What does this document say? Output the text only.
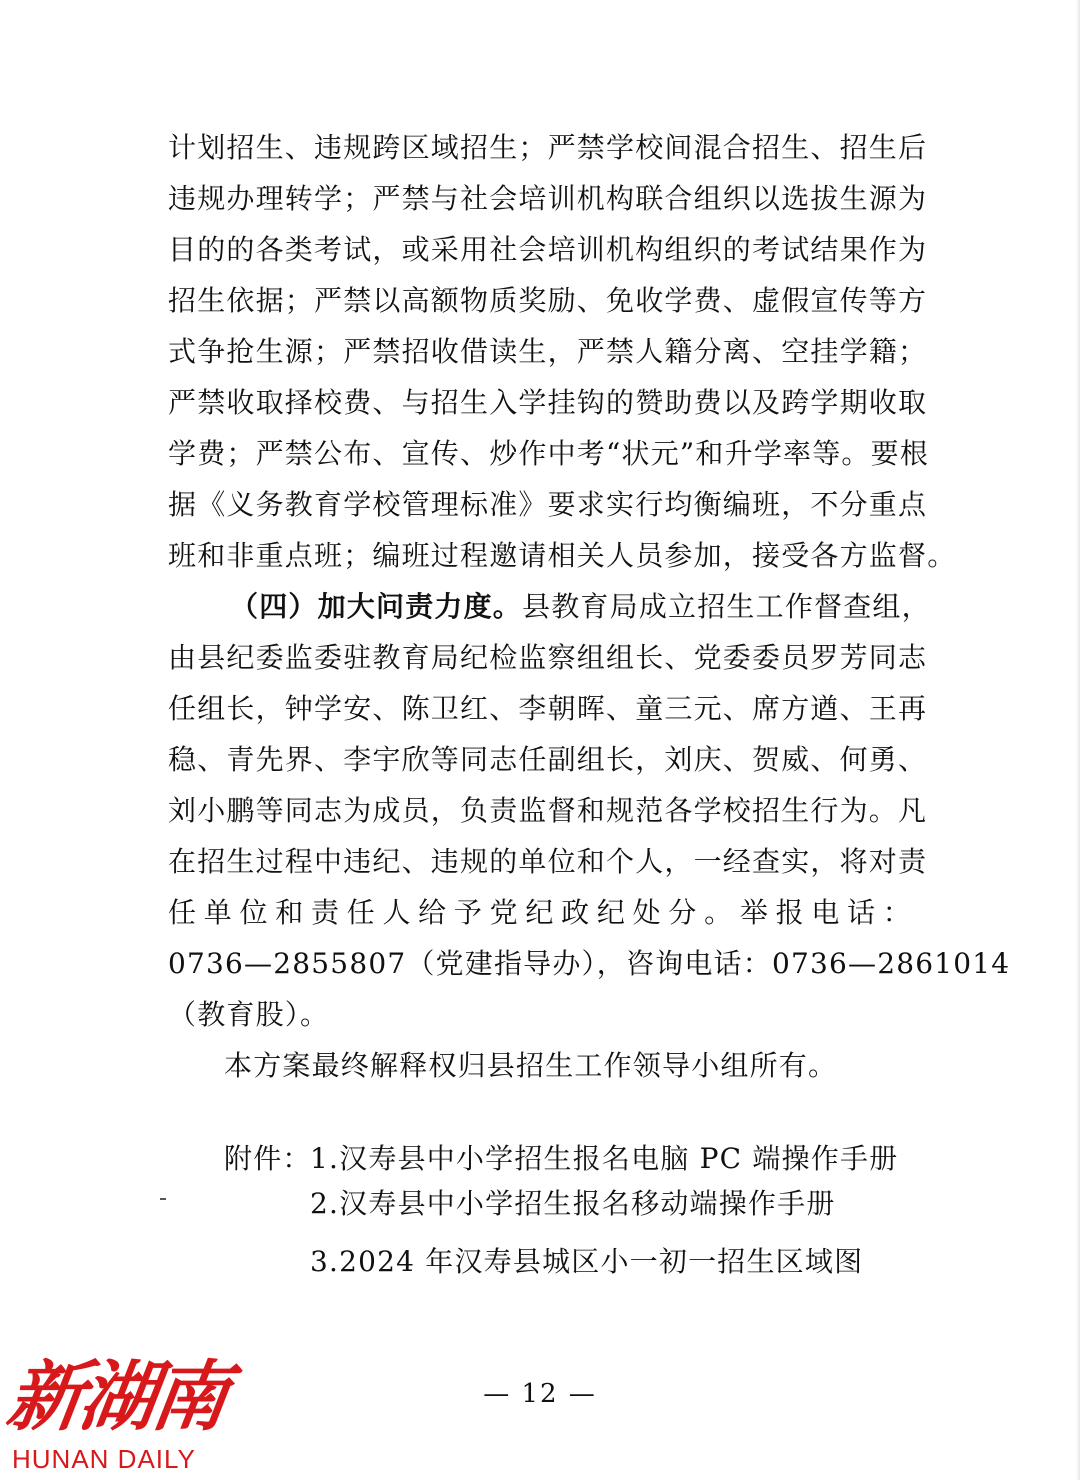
计划招生、违规跨区域招生；严禁学校间混合招生、招生后
违规办理转学；严禁与社会培训机构联合组织以选拔生源为
目的的各类考试，或采用社会培训机构组织的考试结果作为
招生依据；严禁以高额物质奖励、免收学费、虚假宣传等方
式争抢生源；严禁招收借读生，严禁人籍分离、空挂学籍；
严禁收取择校费、与招生入学挂钩的赞助费以及跨学期收取
学费；严禁公布、宣传、炒作中考“状元”和升学率等。要根
据《义务教育学校管理标准》要求实行均衡编班，不分重点
班和非重点班；编班过程邀请相关人员参加，接受各方监督。
（四）加大问责力度。县教育局成立招生工作督查组，
由县纪委监委驻教育局纪检监察组组长、党委委员罗芳同志
任组长，钟学安、陈卫红、李朝晖、童三元、席方遒、王再
稳、青先界、李宇欣等同志任副组长，刘庆、贺威、何勇、
刘小鹏等同志为成员，负责监督和规范各学校招生行为。凡
在招生过程中违纪、违规的单位和个人，一经查实，将对责
任单位和责任人给予党纪政纪处分。举报电话：
0736—2855807（党建指导办），咨询电话：0736—2861014
（教育股）。
本方案最终解释权归县招生工作领导小组所有。
附件：1.汉寿县中小学招生报名电脑 PC 端操作手册
2.汉寿县中小学招生报名移动端操作手册
3.2024 年汉寿县城区小一初一招生区域图
— 12 —
新湖南
HUNAN DAILY
